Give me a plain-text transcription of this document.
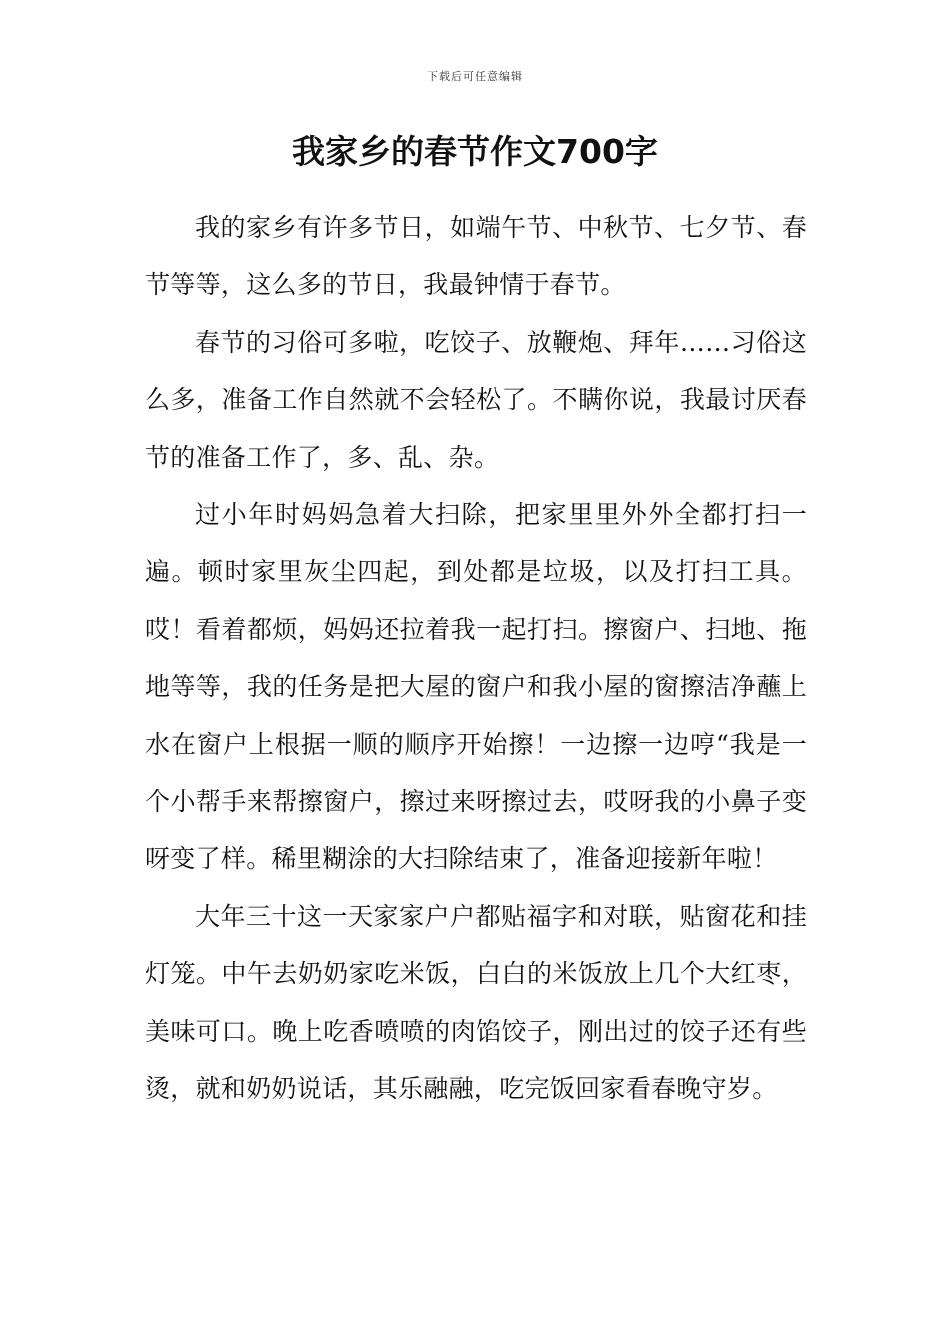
下载后可任意编辑
我家乡的春节作文700字

我的家乡有许多节日，如端午节、中秋节、七夕节、春节等等，这么多的节日，我最钟情于春节。

春节的习俗可多啦，吃饺子、放鞭炮、拜年……习俗这么多，准备工作自然就不会轻松了。不瞒你说，我最讨厌春节的准备工作了，多、乱、杂。

过小年时妈妈急着大扫除，把家里里外外全都打扫一遍。顿时家里灰尘四起，到处都是垃圾，以及打扫工具。哎！看着都烦，妈妈还拉着我一起打扫。擦窗户、扫地、拖地等等，我的任务是把大屋的窗户和我小屋的窗擦洁净蘸上水在窗户上根据一顺的顺序开始擦！一边擦一边哼“我是一个小帮手来帮擦窗户，擦过来呀擦过去，哎呀我的小鼻子变呀变了样。稀里糊涂的大扫除结束了，准备迎接新年啦！

大年三十这一天家家户户都贴福字和对联，贴窗花和挂灯笼。中午去奶奶家吃米饭，白白的米饭放上几个大红枣，美味可口。晚上吃香喷喷的肉馅饺子，刚出过的饺子还有些烫，就和奶奶说话，其乐融融，吃完饭回家看春晚守岁。
